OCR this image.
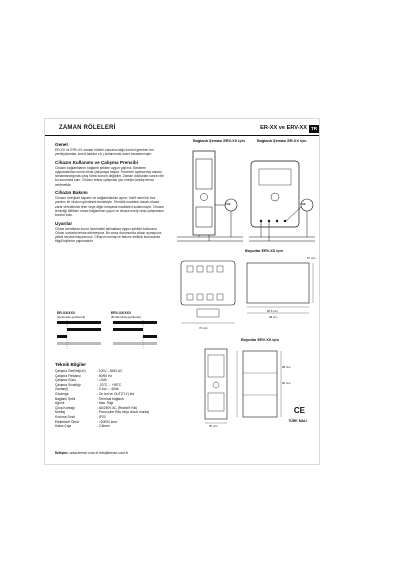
ZAMAN RÖLELERİ	ER-XX ve ERV-XX TR
Genel
ER-XX ve ERV-XX zaman röleleri zamana bağlı kontrol gereken her yerde(alarmlar, konut,fabrika v.b.) kullanılmak üzere tasarlanmıştır.
Cihazın Kullanımı ve Çalışma Prensibi
Cihazın bağlantılarını bağlantı şekline uygun yapınız. Besleme uygulandıktan sonra cihaz çalışmaya başlar. Önceden ayarlanmış zaman tamamlandığında çıkış rölesi konum değiştirir. Zaman dolduktan sonra röle bu konumda kalır. Cihazın tekrar çalışması için enerjisi kesilip tekrar verilmelidir.
Cihazın Bakımı
Cihazın enerjisini kapatın ve bağlantılardan ayırın. Hafif nemli bir bez yardımı ile cihazın gövdesini temizleyin. Temizlik maddesi olarak cihaza zarar verebilecek tiner veya diğer kimyasal maddeleri kullanmayın. Cihazın temizliği bittikten sonra bağlantıları yapın ve cihaza enerji verip çalışmasını kontrol edin.
Uyarılar
Cihazı tanıdıktan sonra üzerindeki talimatlara uygun şekilde kullanınız. Cihazı sıvılarla temas ettirmeyiniz. Bir arıza durumunda cihazı açmayınız, yetkili servise başvurunuz. Cihazın montaj ve bakımı elektrik konusunda bilgili kişilerce yapılmalıdır.
ER-XX/XXV
(Çekmede gecikmeli)
ERV-XX/XXV
(Bırakmada gecikmeli)
Teknik Bilgiler
Çalışma Gerilimi(Un)	: 100V - 265V AC
Çalışma Frekansı	: 50/60 Hz
Çalışma Gücü	: <3VA
Çalışma Sıcaklığı	: -20°C ... +55°C
Zaman(t)	: 0.1sn ... 60dk
Gösterge	: On led ve OUT(TLY) led
Bağlantı Şekli	: Terminal bağlantı
Ağırlık	: Max. 90gr
Çıkış Kontağı	: 5A/250V AC (Rezistif Yük)
Montaj	: Pano içine Ray veya duvar montaj
Koruma Sınıfı	: IP20
Elektriksel Ömür	: >20000 kere
Kablo Çapı	: 2.5mm²
Bağlantı Şeması ERV-XX için
Yük
Bağlantı Şeması ER-XX için
Yük
Boyutlar ERV-XX için
72 mm
66.5 mm
48 mm
57 mm
Boyutlar ERV-XX için
35 mm
90 mm
98 mm
CE
TÜRK MALI
İletişim: www.tense.com.tr info@tense.com.tr
